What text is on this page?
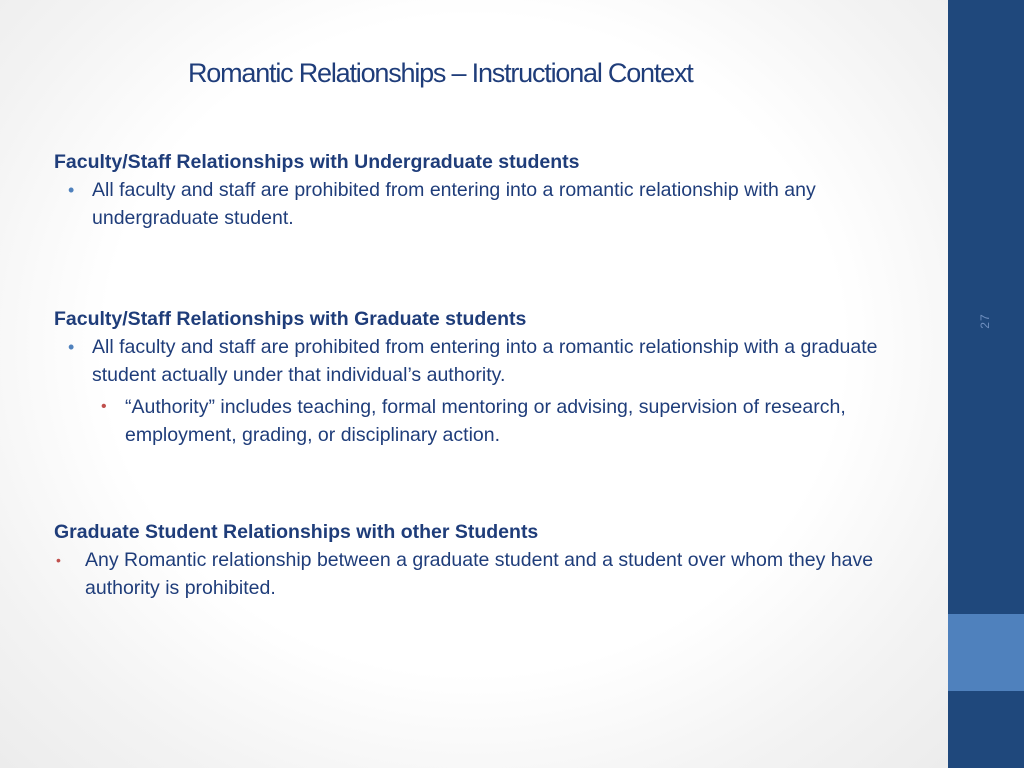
Romantic Relationships – Instructional Context

Faculty/Staff Relationships with Undergraduate students

• All faculty and staff are prohibited from entering into a romantic relationship with any undergraduate student.

Faculty/Staff Relationships with Graduate students

• All faculty and staff are prohibited from entering into a romantic relationship with a graduate student actually under that individual’s authority.
• “Authority” includes teaching, formal mentoring or advising, supervision of research, employment, grading, or disciplinary action.

Graduate Student Relationships with other Students

• Any Romantic relationship between a graduate student and a student over whom they have authority is prohibited.
27
